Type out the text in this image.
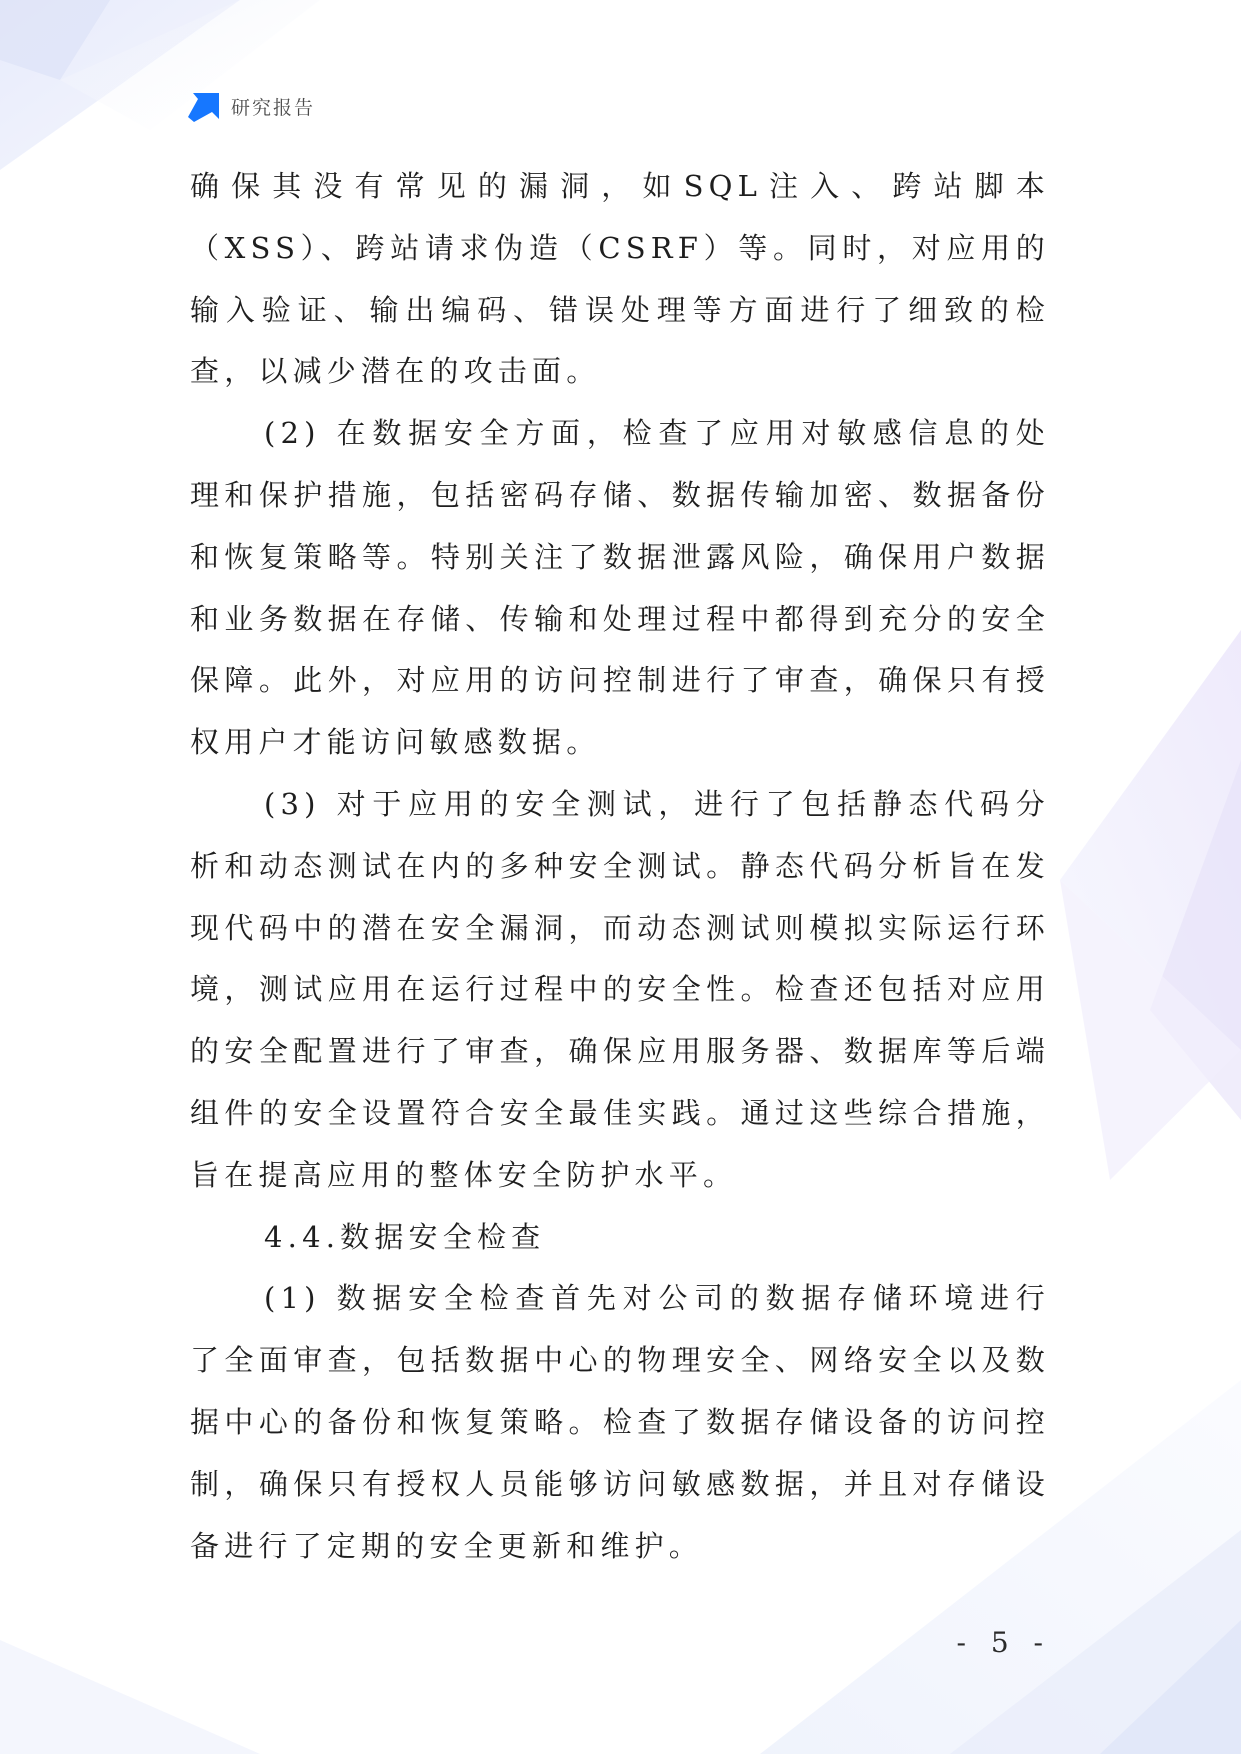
研究报告

确保其没有常见的漏洞，如SQL注入、跨站脚本（XSS）、跨站请求伪造（CSRF）等。同时，对应用的输入验证、输出编码、错误处理等方面进行了细致的检查，以减少潜在的攻击面。

(2) 在数据安全方面，检查了应用对敏感信息的处理和保护措施，包括密码存储、数据传输加密、数据备份和恢复策略等。特别关注了数据泄露风险，确保用户数据和业务数据在存储、传输和处理过程中都得到充分的安全保障。此外，对应用的访问控制进行了审查，确保只有授权用户才能访问敏感数据。

(3) 对于应用的安全测试，进行了包括静态代码分析和动态测试在内的多种安全测试。静态代码分析旨在发现代码中的潜在安全漏洞，而动态测试则模拟实际运行环境，测试应用在运行过程中的安全性。检查还包括对应用的安全配置进行了审查，确保应用服务器、数据库等后端组件的安全设置符合安全最佳实践。通过这些综合措施，旨在提高应用的整体安全防护水平。

4.4.数据安全检查

(1) 数据安全检查首先对公司的数据存储环境进行了全面审查，包括数据中心的物理安全、网络安全以及数据中心的备份和恢复策略。检查了数据存储设备的访问控制，确保只有授权人员能够访问敏感数据，并且对存储设备进行了定期的安全更新和维护。

- 5 -
